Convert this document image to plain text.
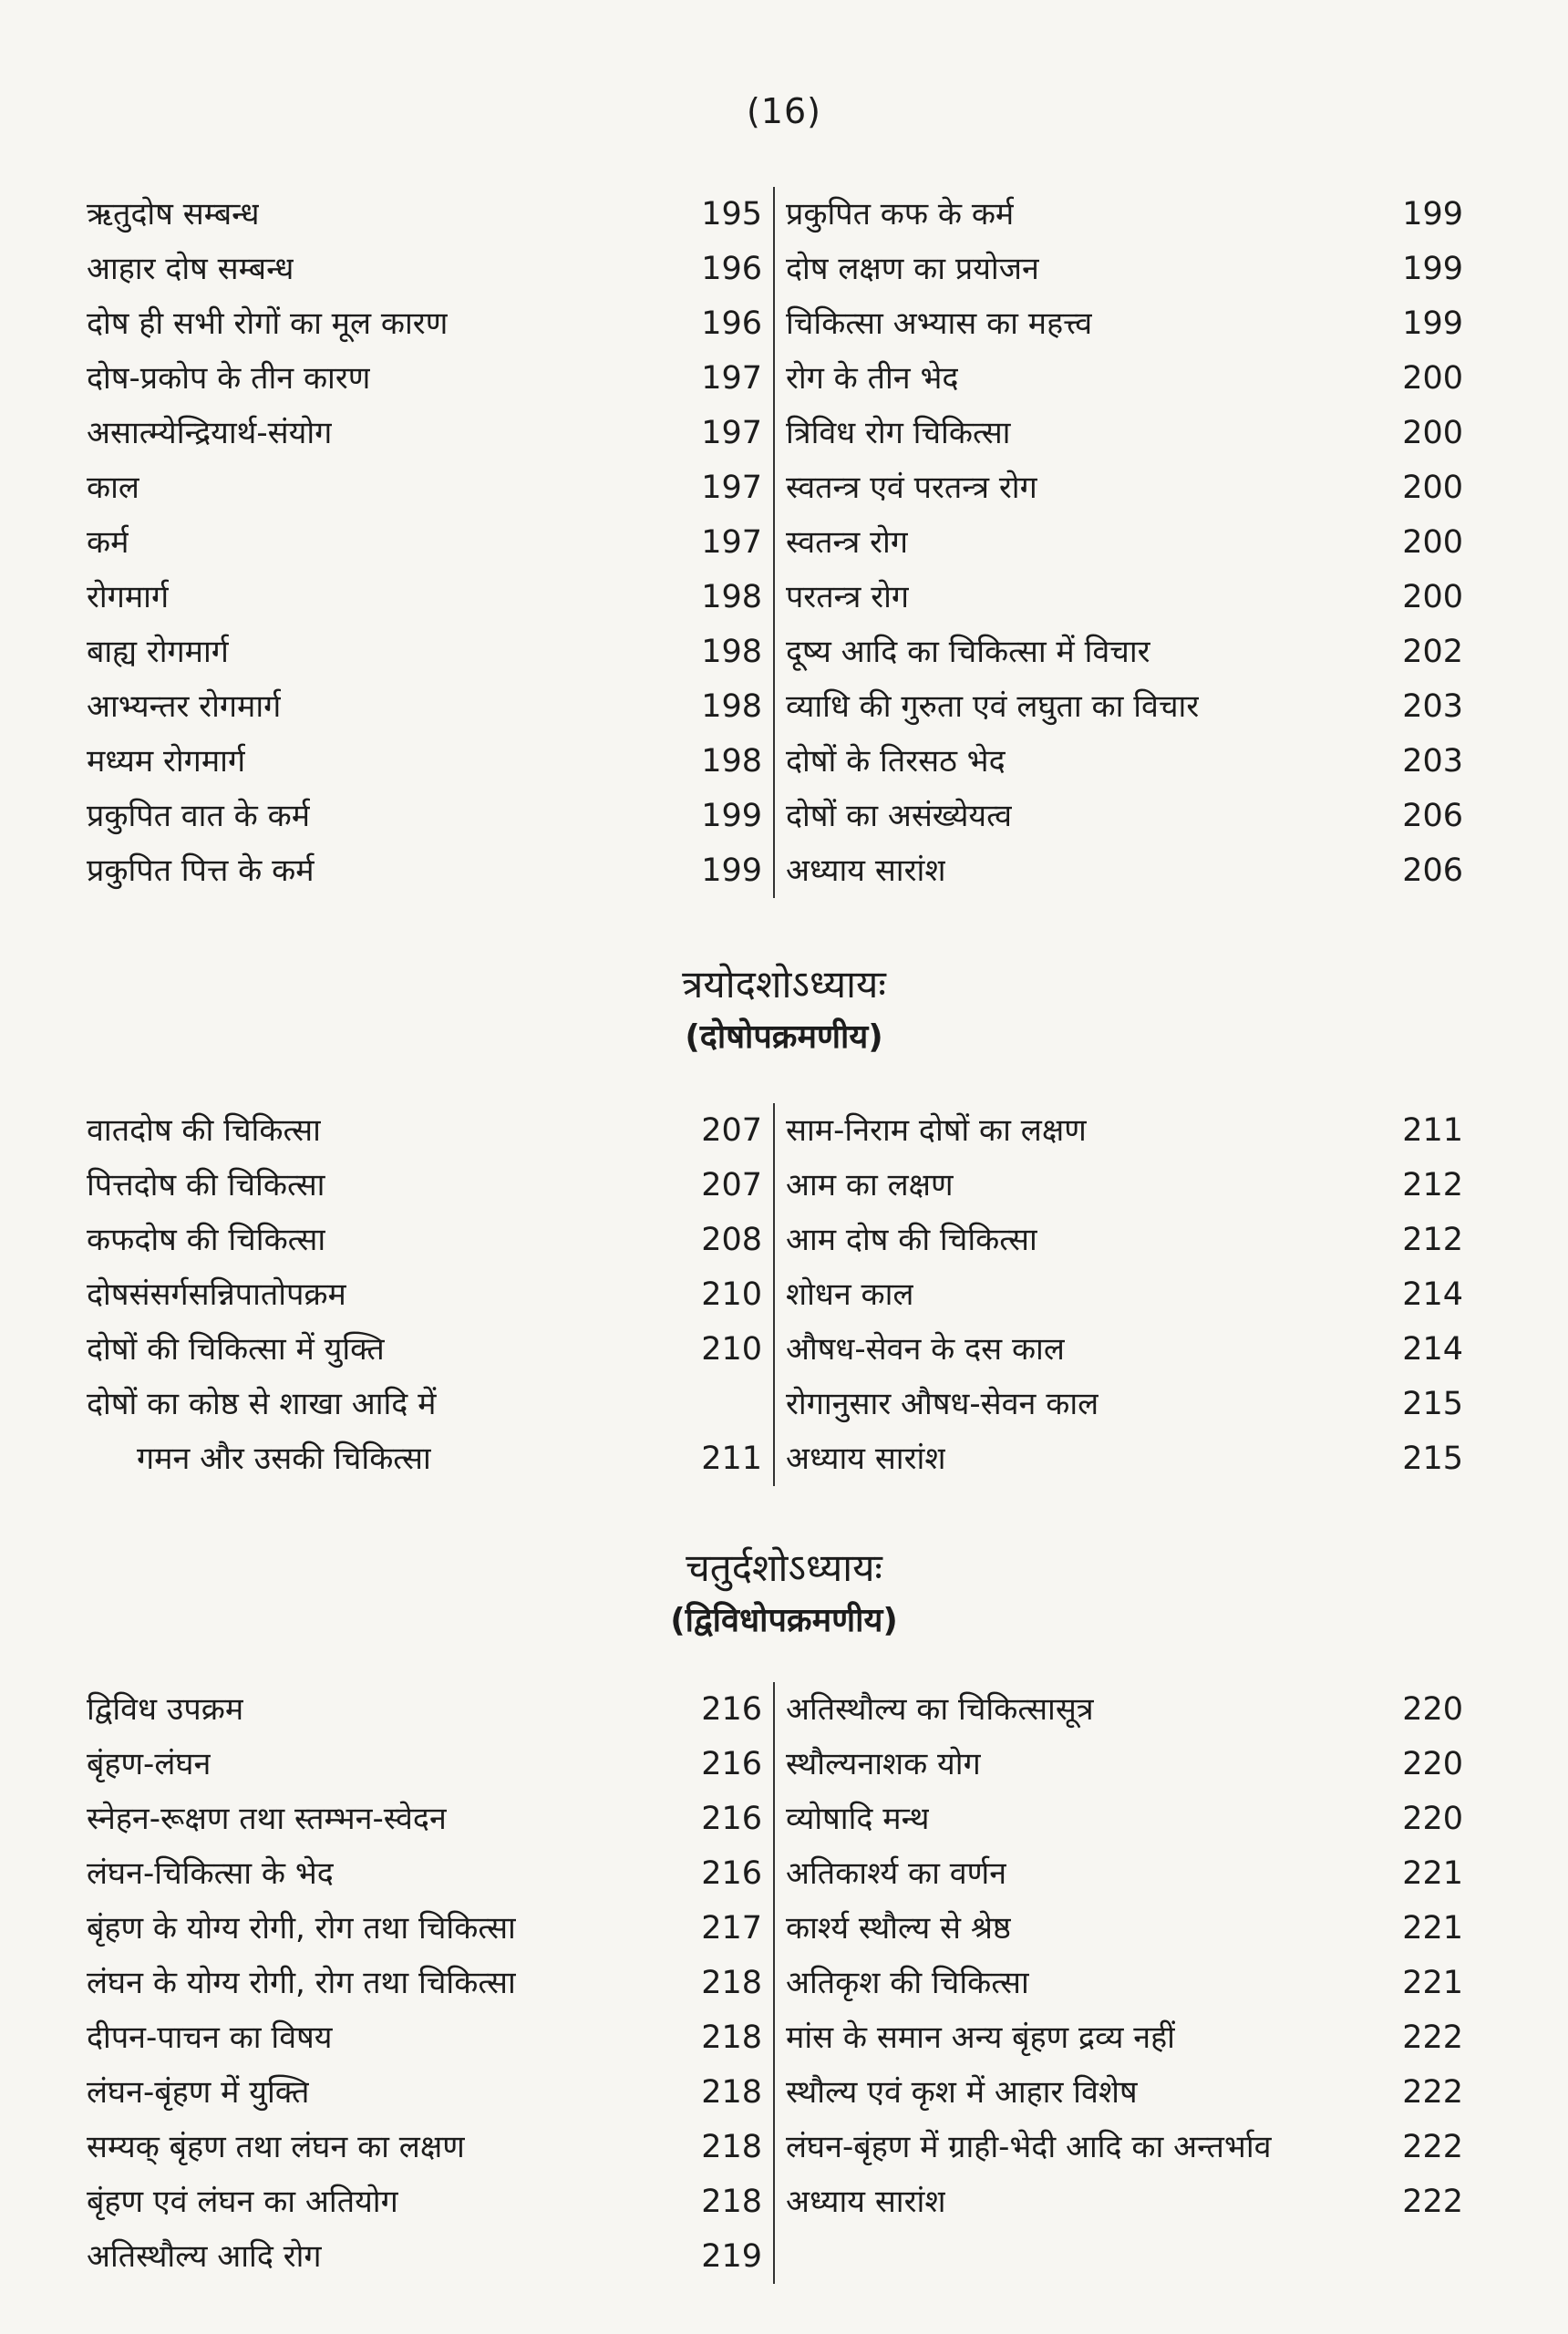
(16)
ऋतुदोष सम्बन्ध	195
आहार दोष सम्बन्ध	196
दोष ही सभी रोगों का मूल कारण	196
दोष-प्रकोप के तीन कारण	197
असात्म्येन्द्रियार्थ-संयोग	197
काल	197
कर्म	197
रोगमार्ग	198
बाह्य रोगमार्ग	198
आभ्यन्तर रोगमार्ग	198
मध्यम रोगमार्ग	198
प्रकुपित वात के कर्म	199
प्रकुपित पित्त के कर्म	199
प्रकुपित कफ के कर्म	199
दोष लक्षण का प्रयोजन	199
चिकित्सा अभ्यास का महत्त्व	199
रोग के तीन भेद	200
त्रिविध रोग चिकित्सा	200
स्वतन्त्र एवं परतन्त्र रोग	200
स्वतन्त्र रोग	200
परतन्त्र रोग	200
दूष्य आदि का चिकित्सा में विचार	202
व्याधि की गुरुता एवं लघुता का विचार	203
दोषों के तिरसठ भेद	203
दोषों का असंख्येयत्व	206
अध्याय सारांश	206
त्रयोदशोऽध्यायः
(दोषोपक्रमणीय)
वातदोष की चिकित्सा	207
पित्तदोष की चिकित्सा	207
कफदोष की चिकित्सा	208
दोषसंसर्गसन्निपातोपक्रम	210
दोषों की चिकित्सा में युक्ति	210
दोषों का कोष्ठ से शाखा आदि में
गमन और उसकी चिकित्सा	211
साम-निराम दोषों का लक्षण	211
आम का लक्षण	212
आम दोष की चिकित्सा	212
शोधन काल	214
औषध-सेवन के दस काल	214
रोगानुसार औषध-सेवन काल	215
अध्याय सारांश	215
चतुर्दशोऽध्यायः
(द्विविधोपक्रमणीय)
द्विविध उपक्रम	216
बृंहण-लंघन	216
स्नेहन-रूक्षण तथा स्तम्भन-स्वेदन	216
लंघन-चिकित्सा के भेद	216
बृंहण के योग्य रोगी, रोग तथा चिकित्सा	217
लंघन के योग्य रोगी, रोग तथा चिकित्सा	218
दीपन-पाचन का विषय	218
लंघन-बृंहण में युक्ति	218
सम्यक् बृंहण तथा लंघन का लक्षण	218
बृंहण एवं लंघन का अतियोग	218
अतिस्थौल्य आदि रोग	219
अतिस्थौल्य का चिकित्सासूत्र	220
स्थौल्यनाशक योग	220
व्योषादि मन्थ	220
अतिकार्श्य का वर्णन	221
कार्श्य स्थौल्य से श्रेष्ठ	221
अतिकृश की चिकित्सा	221
मांस के समान अन्य बृंहण द्रव्य नहीं	222
स्थौल्य एवं कृश में आहार विशेष	222
लंघन-बृंहण में ग्राही-भेदी आदि का अन्तर्भाव	222
अध्याय सारांश	222
